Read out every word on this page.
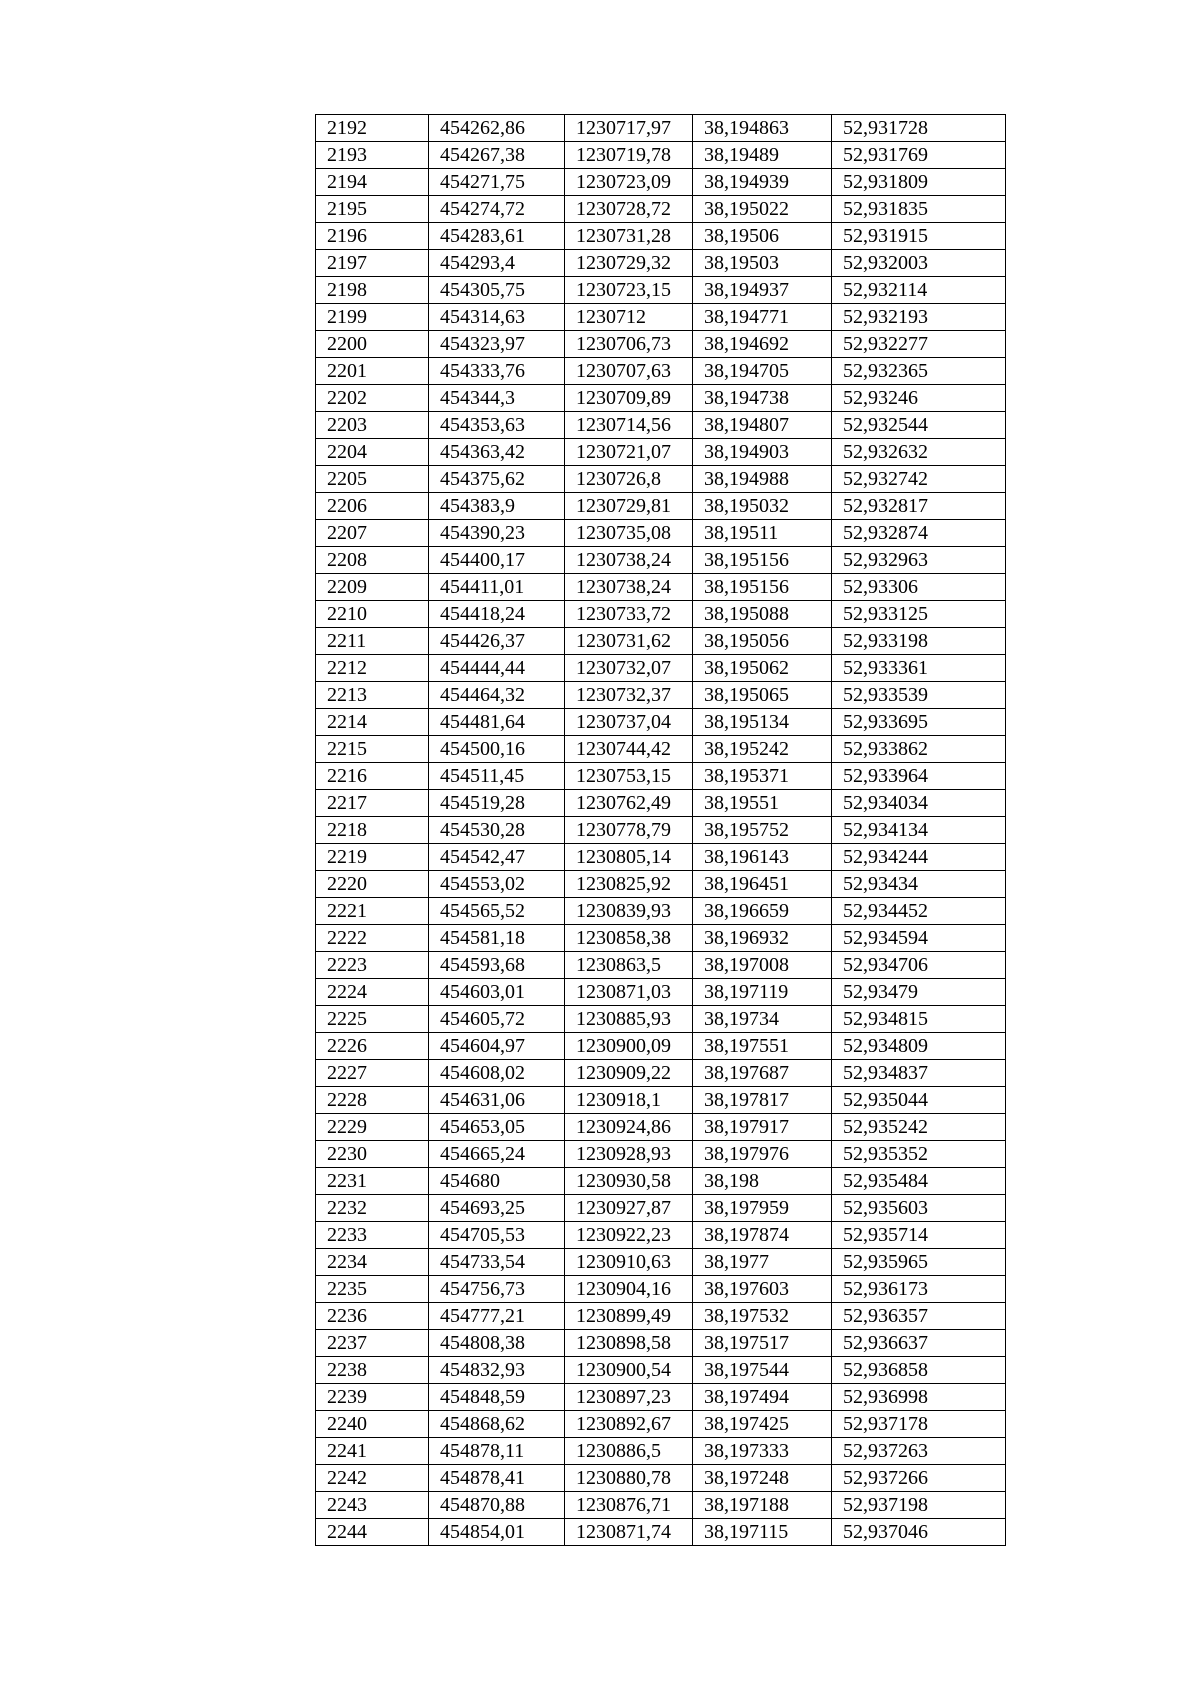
2192	454262,86	1230717,97	38,194863	52,931728
2193	454267,38	1230719,78	38,19489	52,931769
2194	454271,75	1230723,09	38,194939	52,931809
2195	454274,72	1230728,72	38,195022	52,931835
2196	454283,61	1230731,28	38,19506	52,931915
2197	454293,4	1230729,32	38,19503	52,932003
2198	454305,75	1230723,15	38,194937	52,932114
2199	454314,63	1230712	38,194771	52,932193
2200	454323,97	1230706,73	38,194692	52,932277
2201	454333,76	1230707,63	38,194705	52,932365
2202	454344,3	1230709,89	38,194738	52,93246
2203	454353,63	1230714,56	38,194807	52,932544
2204	454363,42	1230721,07	38,194903	52,932632
2205	454375,62	1230726,8	38,194988	52,932742
2206	454383,9	1230729,81	38,195032	52,932817
2207	454390,23	1230735,08	38,19511	52,932874
2208	454400,17	1230738,24	38,195156	52,932963
2209	454411,01	1230738,24	38,195156	52,93306
2210	454418,24	1230733,72	38,195088	52,933125
2211	454426,37	1230731,62	38,195056	52,933198
2212	454444,44	1230732,07	38,195062	52,933361
2213	454464,32	1230732,37	38,195065	52,933539
2214	454481,64	1230737,04	38,195134	52,933695
2215	454500,16	1230744,42	38,195242	52,933862
2216	454511,45	1230753,15	38,195371	52,933964
2217	454519,28	1230762,49	38,19551	52,934034
2218	454530,28	1230778,79	38,195752	52,934134
2219	454542,47	1230805,14	38,196143	52,934244
2220	454553,02	1230825,92	38,196451	52,93434
2221	454565,52	1230839,93	38,196659	52,934452
2222	454581,18	1230858,38	38,196932	52,934594
2223	454593,68	1230863,5	38,197008	52,934706
2224	454603,01	1230871,03	38,197119	52,93479
2225	454605,72	1230885,93	38,19734	52,934815
2226	454604,97	1230900,09	38,197551	52,934809
2227	454608,02	1230909,22	38,197687	52,934837
2228	454631,06	1230918,1	38,197817	52,935044
2229	454653,05	1230924,86	38,197917	52,935242
2230	454665,24	1230928,93	38,197976	52,935352
2231	454680	1230930,58	38,198	52,935484
2232	454693,25	1230927,87	38,197959	52,935603
2233	454705,53	1230922,23	38,197874	52,935714
2234	454733,54	1230910,63	38,1977	52,935965
2235	454756,73	1230904,16	38,197603	52,936173
2236	454777,21	1230899,49	38,197532	52,936357
2237	454808,38	1230898,58	38,197517	52,936637
2238	454832,93	1230900,54	38,197544	52,936858
2239	454848,59	1230897,23	38,197494	52,936998
2240	454868,62	1230892,67	38,197425	52,937178
2241	454878,11	1230886,5	38,197333	52,937263
2242	454878,41	1230880,78	38,197248	52,937266
2243	454870,88	1230876,71	38,197188	52,937198
2244	454854,01	1230871,74	38,197115	52,937046
